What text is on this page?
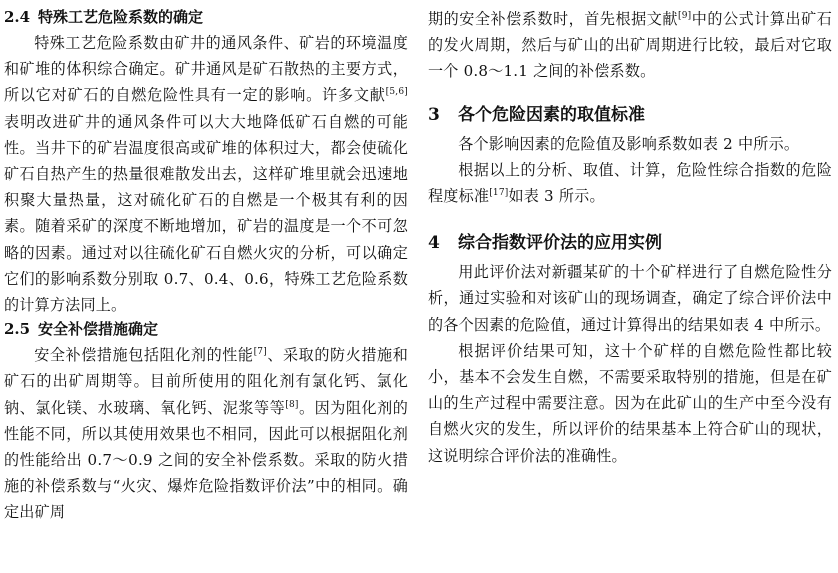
2.4 特殊工艺危险系数的确定
特殊工艺危险系数由矿井的通风条件、矿岩的环境温度和矿堆的体积综合确定。矿井通风是矿石散热的主要方式，所以它对矿石的自燃危险性具有一定的影响。许多文献[5,6]表明改进矿井的通风条件可以大大地降低矿石自燃的可能性。当井下的矿岩温度很高或矿堆的体积过大，都会使硫化矿石自热产生的热量很难散发出去，这样矿堆里就会迅速地积聚大量热量，这对硫化矿石的自燃是一个极其有利的因素。随着采矿的深度不断地增加，矿岩的温度是一个不可忽略的因素。通过对以往硫化矿石自燃火灾的分析，可以确定它们的影响系数分别取 0.7、0.4、0.6，特殊工艺危险系数的计算方法同上。
2.5 安全补偿措施确定
安全补偿措施包括阻化剂的性能[7]、采取的防火措施和矿石的出矿周期等。目前所使用的阻化剂有氯化钙、氯化钠、氯化镁、水玻璃、氧化钙、泥浆等等[8]。因为阻化剂的性能不同，所以其使用效果也不相同，因此可以根据阻化剂的性能给出 0.7～0.9 之间的安全补偿系数。采取的防火措施的补偿系数与“火灾、爆炸危险指数评价法”中的相同。确定出矿周
期的安全补偿系数时，首先根据文献[9]中的公式计算出矿石的发火周期，然后与矿山的出矿周期进行比较，最后对它取一个 0.8～1.1 之间的补偿系数。
3 各个危险因素的取值标准
各个影响因素的危险值及影响系数如表 2 中所示。
根据以上的分析、取值、计算，危险性综合指数的危险程度标准[17]如表 3 所示。
4 综合指数评价法的应用实例
用此评价法对新疆某矿的十个矿样进行了自燃危险性分析，通过实验和对该矿山的现场调查，确定了综合评价法中的各个因素的危险值，通过计算得出的结果如表 4 中所示。
根据评价结果可知，这十个矿样的自燃危险性都比较小，基本不会发生自燃，不需要采取特别的措施，但是在矿山的生产过程中需要注意。因为在此矿山的生产中至今没有自燃火灾的发生，所以评价的结果基本上符合矿山的现状，这说明综合评价法的准确性。
